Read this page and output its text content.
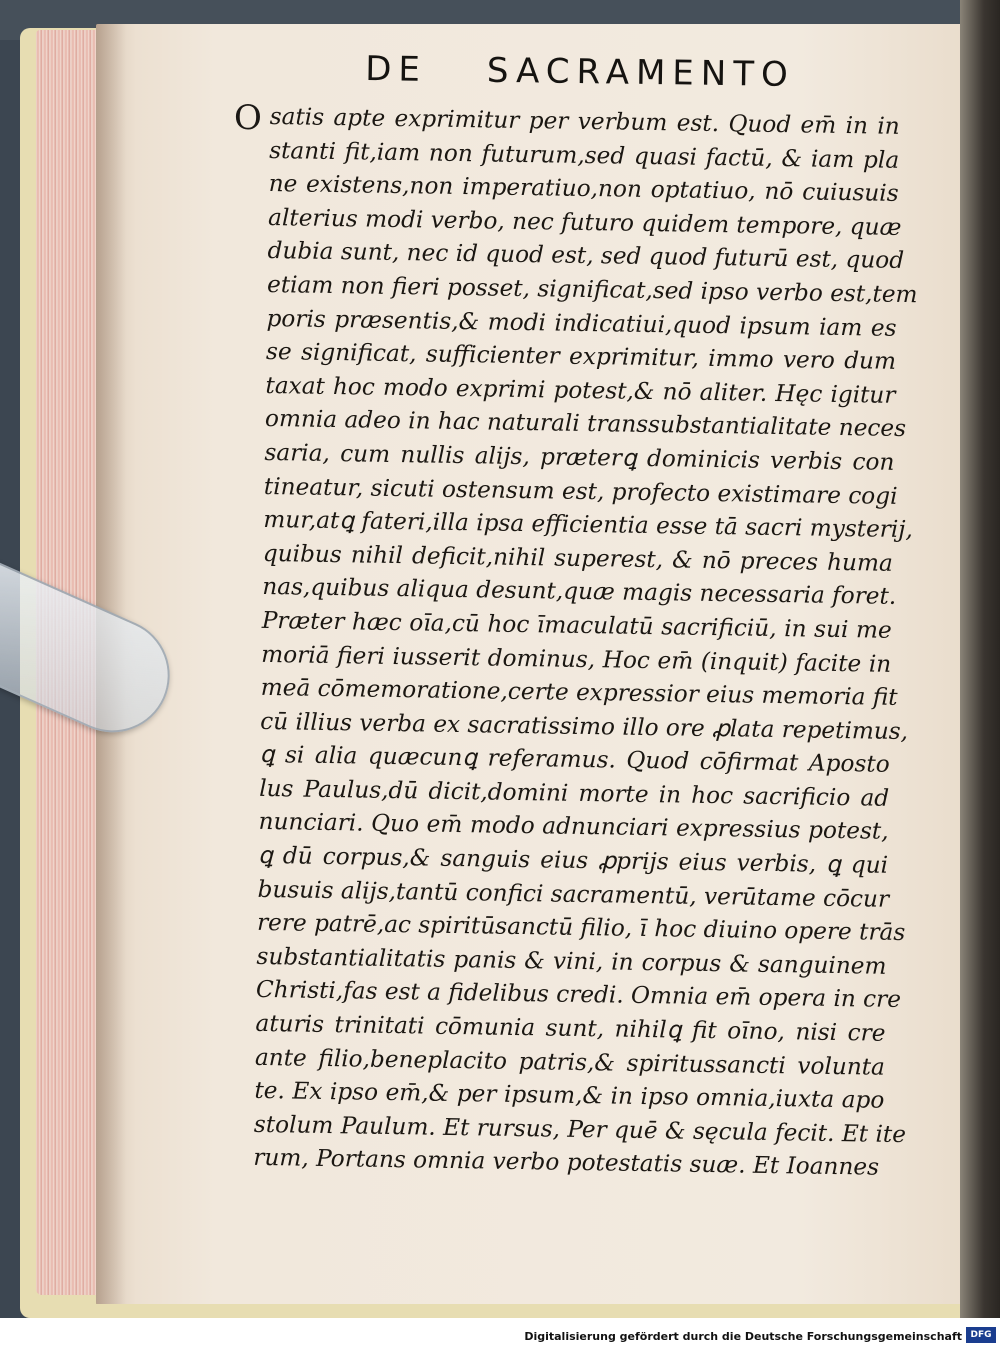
DE SACRAMENTO
O satis apte exprimitur per verbum est. Quod em̄ in in
stanti fit,iam non futurum,sed quasi factū, & iam pla
ne existens,non imperatiuo,non optatiuo, nō cuiusuis
alterius modi verbo, nec futuro quidem tempore, quæ
dubia sunt, nec id quod est, sed quod futurū est, quod
etiam non fieri posset, significat,sed ipso verbo est,tem
poris præsentis,& modi indicatiui,quod ipsum iam es
se significat, sufficienter exprimitur, immo vero dum
taxat hoc modo exprimi potest,& nō aliter. Hęc igitur
omnia adeo in hac naturali transsubstantialitate neces
saria, cum nullis alijs, præterꝗ dominicis verbis con
tineatur, sicuti ostensum est, profecto existimare cogi
mur,atꝗ fateri,illa ipsa efficientia esse tā sacri mysterij,
quibus nihil deficit,nihil superest, & nō preces huma
nas,quibus aliqua desunt,quæ magis necessaria foret.
Præter hæc oīa,cū hoc īmaculatū sacrificiū, in sui me
moriā fieri iusserit dominus, Hoc em̄ (inquit) facite in
meā cōmemoratione,certe expressior eius memoria fit
cū illius verba ex sacratissimo illo ore ꝓlata repetimus,
ꝗ si alia quæcunꝗ referamus. Quod cōfirmat Aposto
lus Paulus,dū dicit,domini morte in hoc sacrificio ad
nunciari. Quo em̄ modo adnunciari expressius potest,
ꝗ dū corpus,& sanguis eius ꝓprijs eius verbis, ꝗ qui
busuis alijs,tantū confici sacramentū, verūtame cōcur
rere patrē,ac spiritūsanctū filio, ī hoc diuino opere trās
substantialitatis panis & vini, in corpus & sanguinem
Christi,fas est a fidelibus credi. Omnia em̄ opera in cre
aturis trinitati cōmunia sunt, nihilꝗ fit oīno, nisi cre
ante filio,beneplacito patris,& spiritussancti volunta
te. Ex ipso em̄,& per ipsum,& in ipso omnia,iuxta apo
stolum Paulum. Et rursus, Per quē & sęcula fecit. Et ite
rum, Portans omnia verbo potestatis suæ. Et Ioannes
Digitalisierung gefördert durch die Deutsche Forschungsgemeinschaft DFG
